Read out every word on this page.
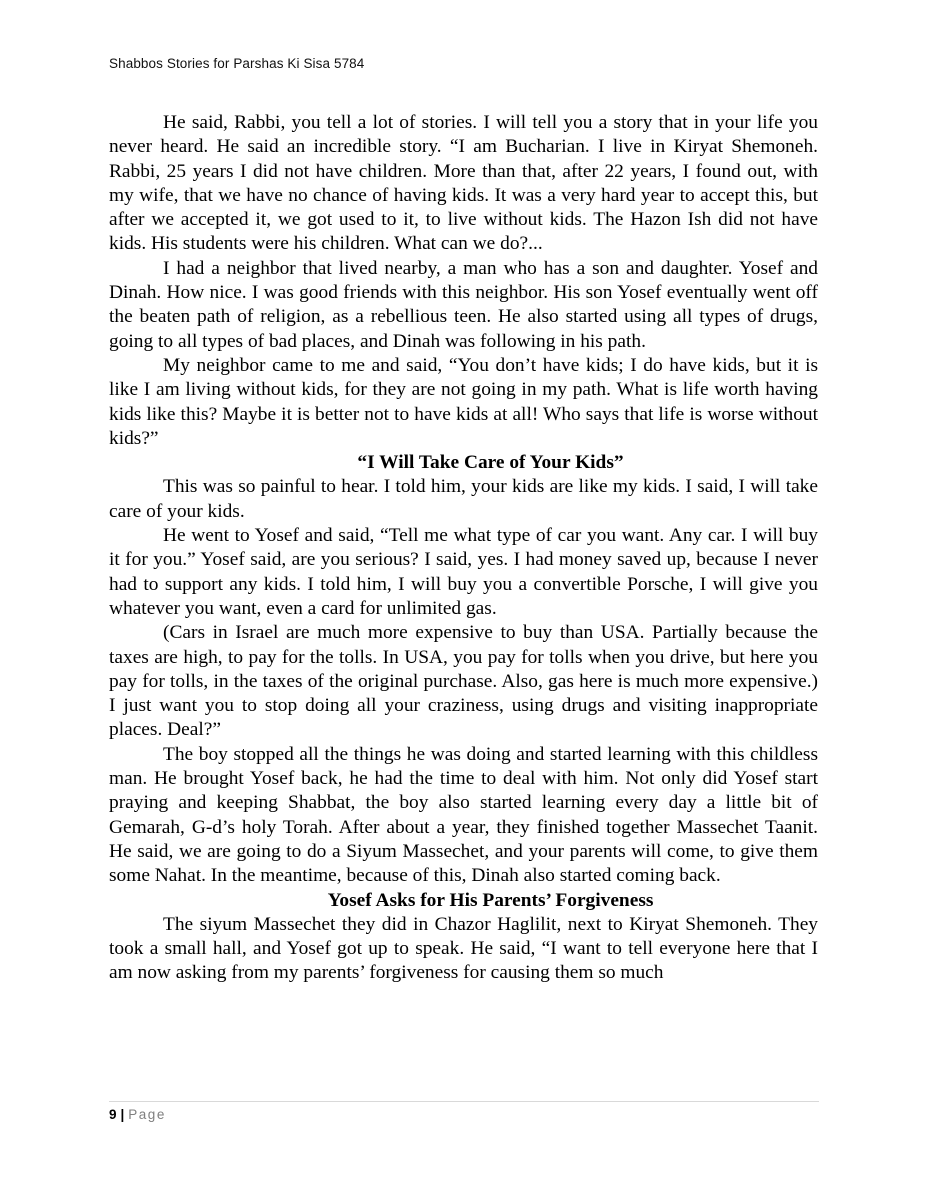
Shabbos Stories for Parshas Ki Sisa 5784

He said, Rabbi, you tell a lot of stories. I will tell you a story that in your life you never heard. He said an incredible story. “I am Bucharian. I live in Kiryat Shemoneh. Rabbi, 25 years I did not have children. More than that, after 22 years, I found out, with my wife, that we have no chance of having kids. It was a very hard year to accept this, but after we accepted it, we got used to it, to live without kids. The Hazon Ish did not have kids. His students were his children. What can we do?...

I had a neighbor that lived nearby, a man who has a son and daughter. Yosef and Dinah. How nice. I was good friends with this neighbor. His son Yosef eventually went off the beaten path of religion, as a rebellious teen. He also started using all types of drugs, going to all types of bad places, and Dinah was following in his path.

My neighbor came to me and said, “You don’t have kids; I do have kids, but it is like I am living without kids, for they are not going in my path. What is life worth having kids like this? Maybe it is better not to have kids at all! Who says that life is worse without kids?”

“I Will Take Care of Your Kids”

This was so painful to hear. I told him, your kids are like my kids. I said, I will take care of your kids.

He went to Yosef and said, “Tell me what type of car you want. Any car. I will buy it for you.” Yosef said, are you serious? I said, yes. I had money saved up, because I never had to support any kids. I told him, I will buy you a convertible Porsche, I will give you whatever you want, even a card for unlimited gas.

(Cars in Israel are much more expensive to buy than USA. Partially because the taxes are high, to pay for the tolls. In USA, you pay for tolls when you drive, but here you pay for tolls, in the taxes of the original purchase. Also, gas here is much more expensive.) I just want you to stop doing all your craziness, using drugs and visiting inappropriate places. Deal?”

The boy stopped all the things he was doing and started learning with this childless man. He brought Yosef back, he had the time to deal with him. Not only did Yosef start praying and keeping Shabbat, the boy also started learning every day a little bit of Gemarah, G-d’s holy Torah. After about a year, they finished together Massechet Taanit. He said, we are going to do a Siyum Massechet, and your parents will come, to give them some Nahat. In the meantime, because of this, Dinah also started coming back.

Yosef Asks for His Parents’ Forgiveness

The siyum Massechet they did in Chazor Haglilit, next to Kiryat Shemoneh. They took a small hall, and Yosef got up to speak. He said, “I want to tell everyone here that I am now asking from my parents’ forgiveness for causing them so much

9 | Page
